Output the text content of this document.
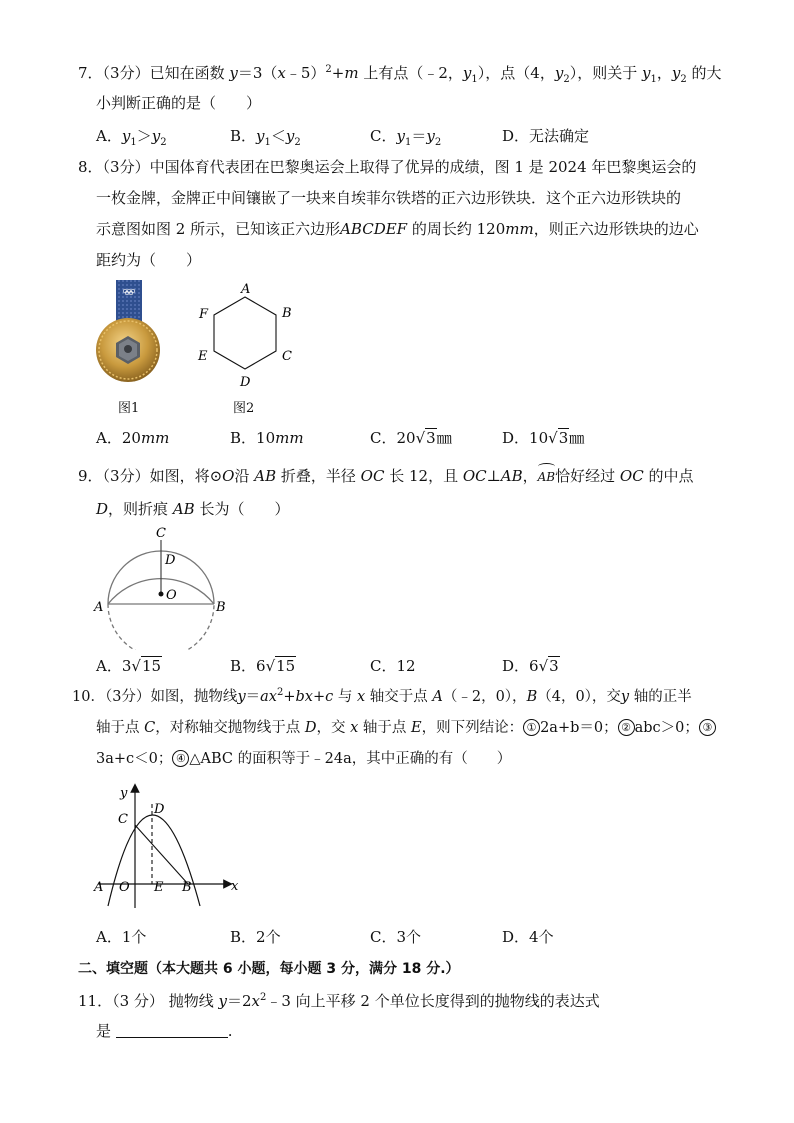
7．（3分）已知在函数 y＝3（x﹣5）$^2$+m 上有点（﹣2，$y_1$），点（4，$y_2$），则关于 $y_1$，$y_2$ 的大
小判断正确的是（　　）
A．$y_1>y_2$	B．$y_1<y_2$	C．$y_1=y_2$	D．无法确定
8．（3分）中国体育代表团在巴黎奥运会上取得了优异的成绩，图 1 是 2024 年巴黎奥运会的
一枚金牌，金牌正中间镶嵌了一块来自埃菲尔铁塔的正六边形铁块．这个正六边形铁块的
示意图如图 2 所示，已知该正六边形ABCDEF 的周长约 120mm，则正六边形铁块的边心
距约为（　　）
图1
A
B
C
D
E
F
图2
A．20mm	B．10mm	C．20√3㎜	D．10√3㎜
9．（3分）如图，将⊙O沿 AB 折叠，半径 OC 长 12，且 OC⊥AB，
AB恰好经过 OC 的中点
D，则折痕 AB 长为（　　）
C
D
O
A	B
A．3√15	B．6√15	C．12	D．6√3
10．（3分）如图，抛物线$y=ax^2+bx+c$ 与 x 轴交于点 A（﹣2，0），B（4，0），交y 轴的正半
轴于点 C，对称轴交抛物线于点 D，交 x 轴于点 E，则下列结论： ① 2a+b＝0； ② abc＞0； ③
3a+c＜0； ④ △ABC 的面积等于﹣24a，其中正确的有（　　）
y
x
D
C
A O E B
A．1个	B．2个	C．3个	D．4个
二、填空题（本大题共 6 小题，每小题 3 分，满分 18 分.）
11．（3 分） 抛物线 $y=2x^2﹣3$ 向上平移 2 个单位长度得到的抛物线的表达式
是	.
